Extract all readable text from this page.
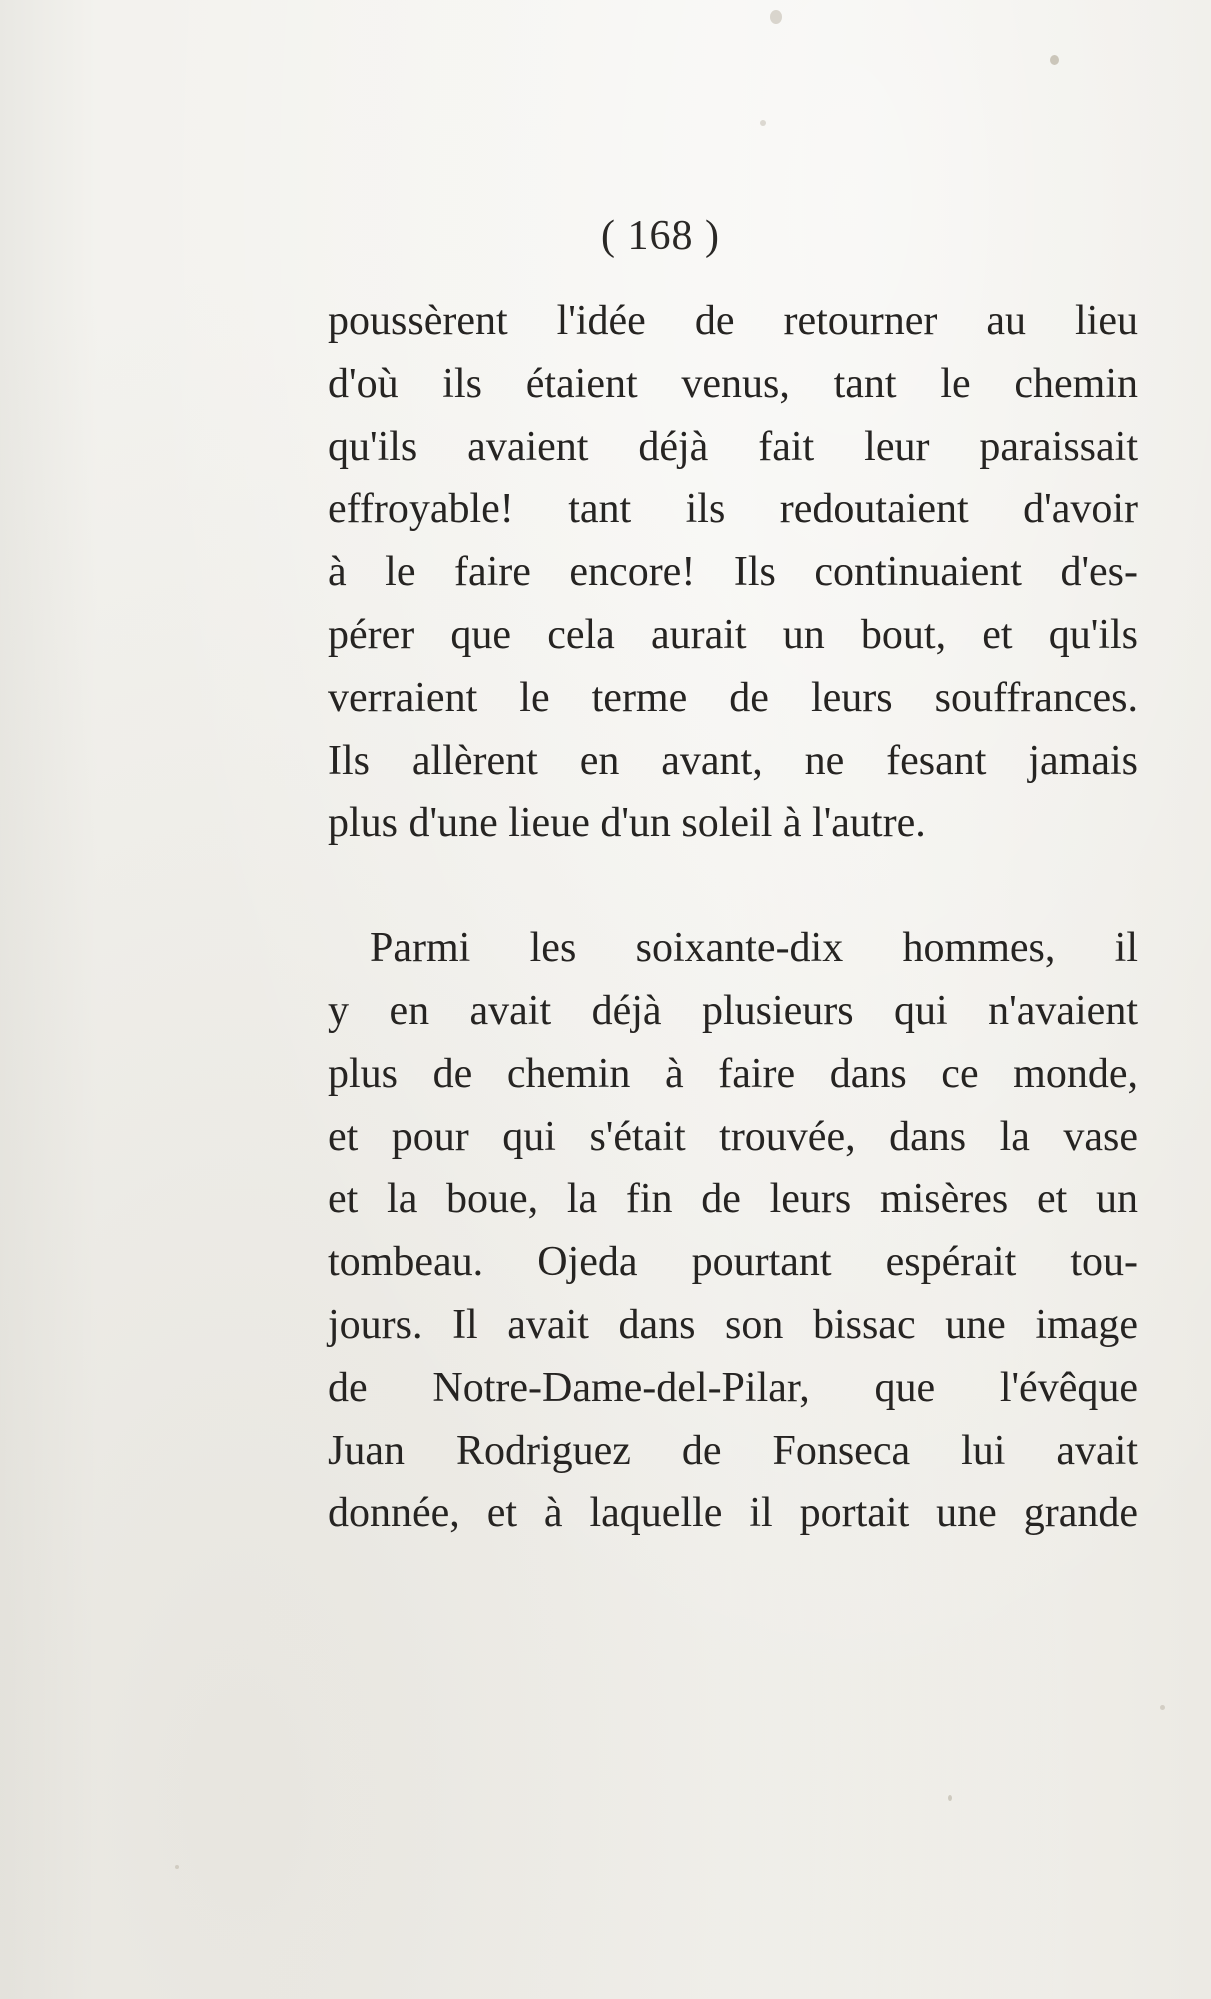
( 168 )
poussèrent l'idée de retourner au lieu
d'où ils étaient venus, tant le chemin
qu'ils avaient déjà fait leur paraissait
effroyable! tant ils redoutaient d'avoir
à le faire encore! Ils continuaient d'es-
pérer que cela aurait un bout, et qu'ils
verraient le terme de leurs souffrances.
Ils allèrent en avant, ne fesant jamais
plus d'une lieue d'un soleil à l'autre.
Parmi les soixante-dix hommes, il
y en avait déjà plusieurs qui n'avaient
plus de chemin à faire dans ce monde,
et pour qui s'était trouvée, dans la vase
et la boue, la fin de leurs misères et un
tombeau. Ojeda pourtant espérait tou-
jours. Il avait dans son bissac une image
de Notre-Dame-del-Pilar, que l'évêque
Juan Rodriguez de Fonseca lui avait
donnée, et à laquelle il portait une grande
